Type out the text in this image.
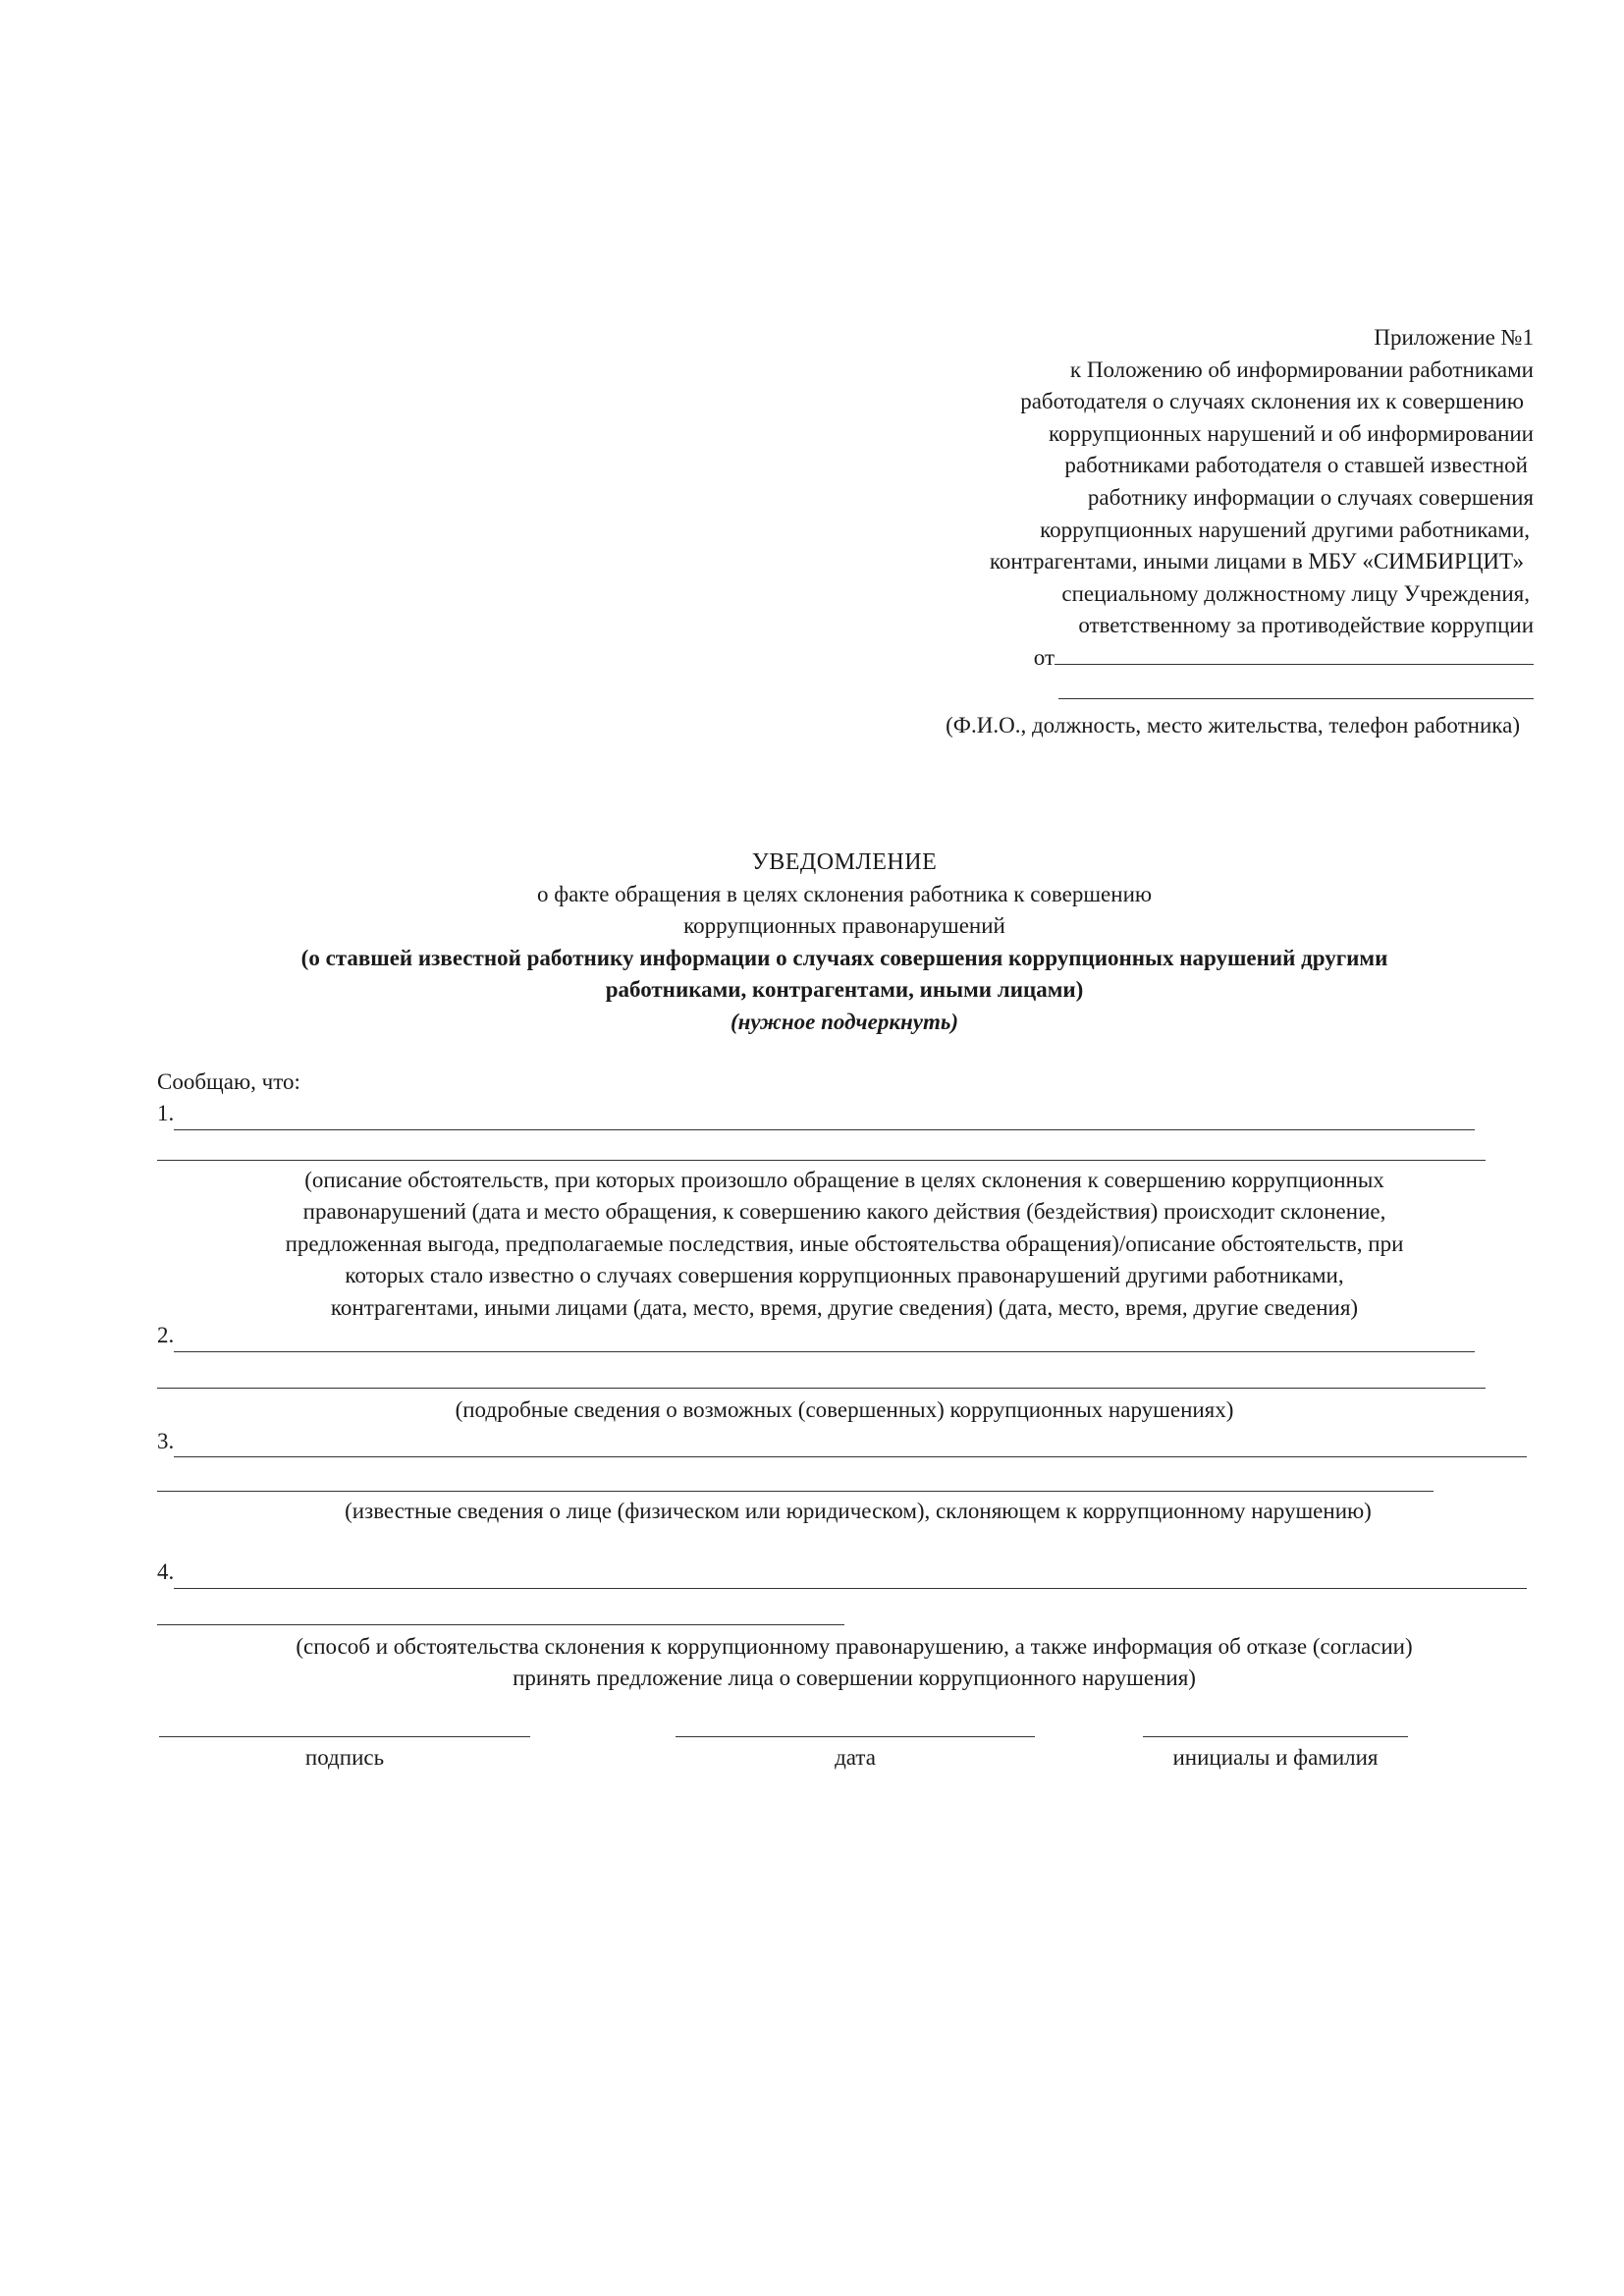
Приложение №1
к Положению об информировании работниками
работодателя о случаях склонения их к совершению
коррупционных нарушений и об информировании
работниками работодателя о ставшей известной
работнику информации о случаях совершения
коррупционных нарушений другими работниками,
контрагентами, иными лицами в МБУ «СИМБИРЦИТ»
специальному должностному лицу Учреждения,
ответственному за противодействие коррупции
от
(Ф.И.О., должность, место жительства, телефон работника)
УВЕДОМЛЕНИЕ
о факте обращения в целях склонения работника к совершению
коррупционных правонарушений
(о ставшей известной работнику информации о случаях совершения коррупционных нарушений другими
работниками, контрагентами, иными лицами)
(нужное подчеркнуть)
Сообщаю, что:
1.
(описание обстоятельств, при которых произошло обращение в целях склонения к совершению коррупционных
правонарушений (дата и место обращения, к совершению какого действия (бездействия) происходит склонение,
предложенная выгода, предполагаемые последствия, иные обстоятельства обращения)/описание обстоятельств, при
которых стало известно о случаях совершения коррупционных правонарушений другими работниками,
контрагентами, иными лицами (дата, место, время, другие сведения) (дата, место, время, другие сведения)
2.
(подробные сведения о возможных (совершенных) коррупционных нарушениях)
3.
(известные сведения о лице (физическом или юридическом), склоняющем к коррупционному нарушению)
4.
(способ и обстоятельства склонения к коррупционному правонарушению, а также информация об отказе (согласии)
принять предложение лица о совершении коррупционного нарушения)
подпись	дата	инициалы и фамилия
